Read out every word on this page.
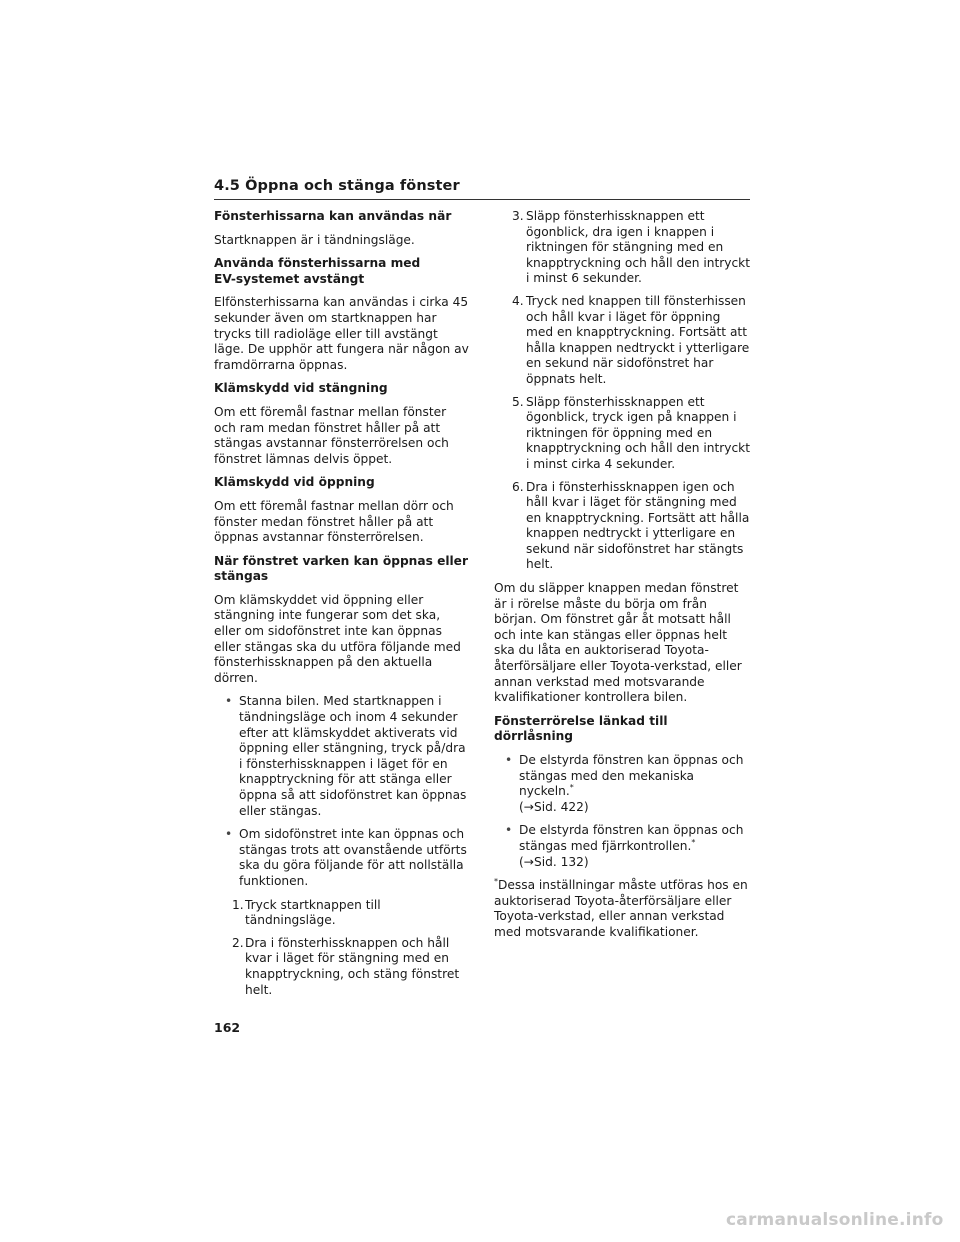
4.5 Öppna och stänga fönster
Fönsterhissarna kan användas när

Startknappen är i tändningsläge.

Använda fönsterhissarna med
EV-systemet avstängt

Elfönsterhissarna kan användas i cirka 45 sekunder även om startknappen har trycks till radioläge eller till avstängt läge. De upphör att fungera när någon av framdörrarna öppnas.

Klämskydd vid stängning

Om ett föremål fastnar mellan fönster och ram medan fönstret håller på att stängas avstannar fönsterrörelsen och fönstret lämnas delvis öppet.

Klämskydd vid öppning

Om ett föremål fastnar mellan dörr och fönster medan fönstret håller på att öppnas avstannar fönsterrörelsen.

När fönstret varken kan öppnas eller
stängas

Om klämskyddet vid öppning eller stängning inte fungerar som det ska, eller om sidofönstret inte kan öppnas eller stängas ska du utföra följande med fönsterhissknappen på den aktuella dörren.

• Stanna bilen. Med startknappen i tändningsläge och inom 4 sekunder efter att klämskyddet aktiverats vid öppning eller stängning, tryck på/dra i fönsterhissknappen i läget för en knapptryckning för att stänga eller öppna så att sidofönstret kan öppnas eller stängas.
• Om sidofönstret inte kan öppnas och stängas trots att ovanstående utförts ska du göra följande för att nollställa funktionen.
1. Tryck startknappen till tändningsläge.
2. Dra i fönsterhissknappen och håll kvar i läget för stängning med en knapptryckning, och stäng fönstret helt.
3. Släpp fönsterhissknappen ett ögonblick, dra igen i knappen i riktningen för stängning med en knapptryckning och håll den intryckt i minst 6 sekunder.
4. Tryck ned knappen till fönsterhissen och håll kvar i läget för öppning med en knapptryckning. Fortsätt att hålla knappen nedtryckt i ytterligare en sekund när sidofönstret har öppnats helt.
5. Släpp fönsterhissknappen ett ögonblick, tryck igen på knappen i riktningen för öppning med en knapptryckning och håll den intryckt i minst cirka 4 sekunder.
6. Dra i fönsterhissknappen igen och håll kvar i läget för stängning med en knapptryckning. Fortsätt att hålla knappen nedtryckt i ytterligare en sekund när sidofönstret har stängts helt.

Om du släpper knappen medan fönstret är i rörelse måste du börja om från början. Om fönstret går åt motsatt håll och inte kan stängas eller öppnas helt ska du låta en auktoriserad Toyota-återförsäljare eller Toyota-verkstad, eller annan verkstad med motsvarande kvalifikationer kontrollera bilen.

Fönsterrörelse länkad till dörrlåsning
• De elstyrda fönstren kan öppnas och stängas med den mekaniska nyckeln.*
(→Sid. 422)
• De elstyrda fönstren kan öppnas och stängas med fjärrkontrollen.*
(→Sid. 132)

*Dessa inställningar måste utföras hos en auktoriserad Toyota-återförsäljare eller Toyota-verkstad, eller annan verkstad med motsvarande kvalifikationer.

162
carmanualsonline.info
